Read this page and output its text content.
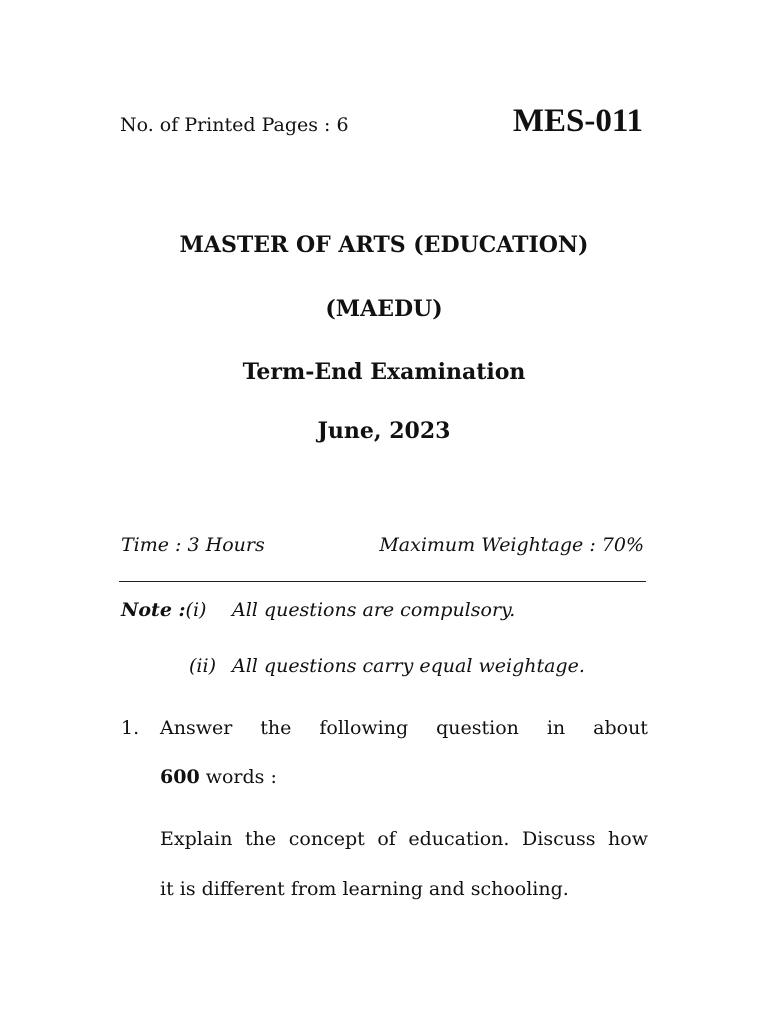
No. of Printed Pages : 6	MES-011
MASTER OF ARTS (EDUCATION)
(MAEDU)
Term-End Examination
June, 2023
Time : 3 Hours	Maximum Weightage : 70%
Note :(i) All questions are compulsory.
(ii) All questions carry equal weightage.
1. Answer the following question in about
600 words :
Explain the concept of education. Discuss how
it is different from learning and schooling.
